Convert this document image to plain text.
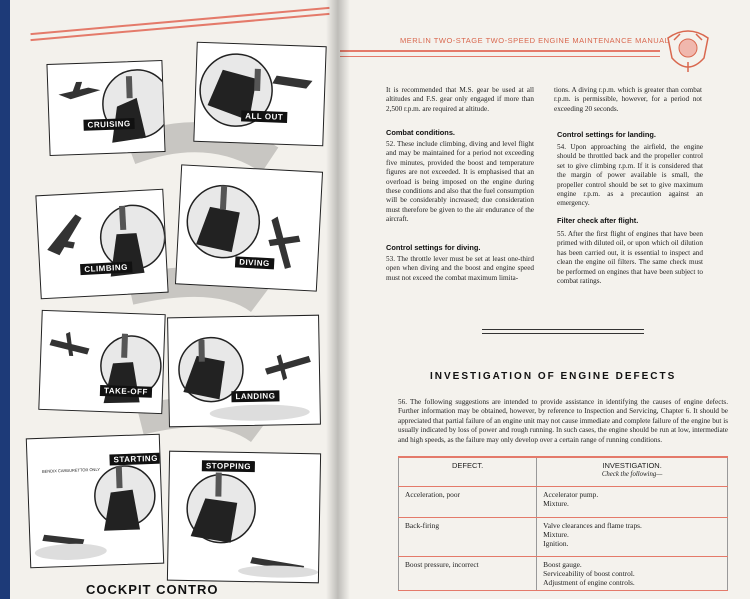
CRUISING
ALL OUT
CLIMBING	DIVING
TAKE-OFF	LANDING
BENDIX CARBURETTOR ONLY
STARTING
STOPPING
COCKPIT CONTRO
MERLIN TWO-STAGE TWO-SPEED ENGINE MAINTENANCE MANUAL
It is recommended that M.S. gear be used at all altitudes and F.S. gear only engaged if more than 2,500 r.p.m. are required at altitude.
tions. A diving r.p.m. which is greater than combat r.p.m. is permissible, however, for a period not exceeding 20 seconds.
Combat conditions.
52. These include climbing, diving and level flight and may be maintained for a period not exceeding five minutes, provided the boost and temperature figures are not exceeded. It is emphasised that an overload is being imposed on the engine during these conditions and also that the fuel consumption will be considerably increased; due consideration must therefore be given to the air endurance of the aircraft.
Control settings for diving.
53. The throttle lever must be set at least one-third open when diving and the boost and engine speed must not exceed the combat maximum limita-
Control settings for landing.
54. Upon approaching the airfield, the engine should be throttled back and the propeller control set to give climbing r.p.m. If it is considered that the margin of power available is small, the propeller control should be set to give maximum engine r.p.m. as a precaution against an emergency.
Filter check after flight.
55. After the first flight of engines that have been primed with diluted oil, or upon which oil dilution has been carried out, it is essential to inspect and clean the engine oil filters. The same check must be performed on engines that have been subject to combat ratings.
INVESTIGATION OF ENGINE DEFECTS
56. The following suggestions are intended to provide assistance in identifying the causes of engine defects. Further information may be obtained, however, by reference to Inspection and Servicing, Chapter 6. It should be appreciated that partial failure of an engine unit may not cause immediate and complete failure of the engine but is usually indicated by loss of power and rough running. In such cases, the engine should be run at low, intermediate and high speeds, as the failure may only develop over a certain range of running conditions.
DEFECT.	INVESTIGATION.
Check the following—

Acceleration, poor	Accelerator pump.
Mixture.

Back-firing	Valve clearances and flame traps.
Mixture.
Ignition.

Boost pressure, incorrect	Boost gauge.
Serviceability of boost control.
Adjustment of engine controls.
